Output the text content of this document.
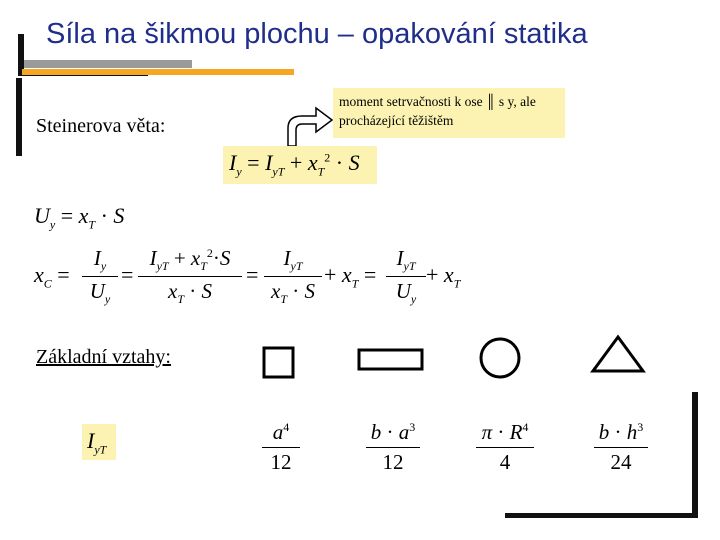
Síla na šikmou plochu – opakování statika
Steinerova věta:
moment setrvačnosti k ose ║ s y, ale procházející těžištěm
$I_y = I_{yT} + x_T^2 \cdot S$
$U_y = x_T \cdot S$
$x_C$ =
$I_y$
$U_y$
=
$I_{yT} + x_T^2\cdot S$
$x_T \cdot S$
=
$I_{yT}$
$x_T \cdot S$
+ $x_T$ =
$I_{yT}$
$U_y$
+ $x_T$
Základní vztahy:
$I_{yT}$
$a^4$
12
$b \cdot a^3$
12
$\pi \cdot R^4$
4
$b \cdot h^3$
24
